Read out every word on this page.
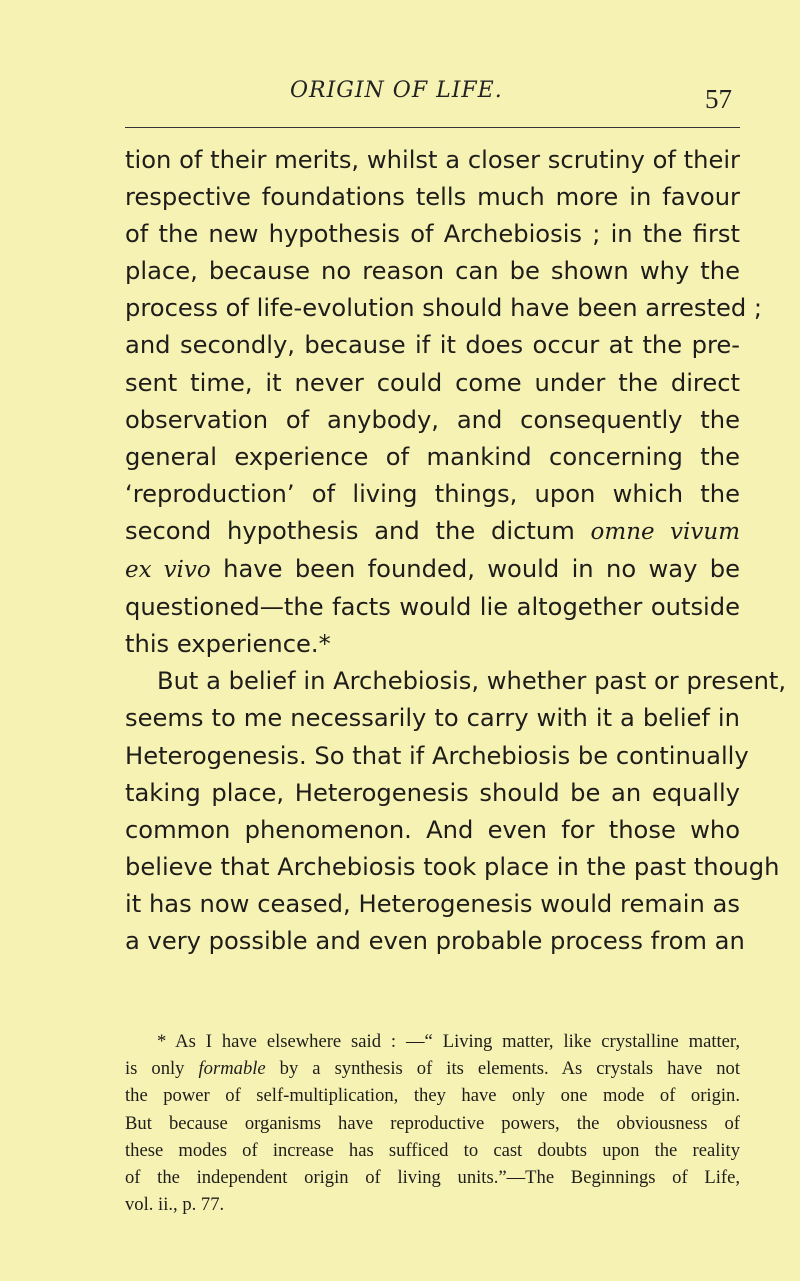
ORIGIN OF LIFE.	57
tion of their merits, whilst a closer scrutiny of their
respective foundations tells much more in favour
of the new hypothesis of Archebiosis ; in the first
place, because no reason can be shown why the
process of life-evolution should have been arrested ;
and secondly, because if it does occur at the pre-
sent time, it never could come under the direct
observation of anybody, and consequently the
general experience of mankind concerning the
‘reproduction’ of living things, upon which the
second hypothesis and the dictum omne vivum
ex vivo have been founded, would in no way be
questioned—the facts would lie altogether outside
this experience.*
But a belief in Archebiosis, whether past or present,
seems to me necessarily to carry with it a belief in
Heterogenesis. So that if Archebiosis be continually
taking place, Heterogenesis should be an equally
common phenomenon. And even for those who
believe that Archebiosis took place in the past though
it has now ceased, Heterogenesis would remain as
a very possible and even probable process from an
* As I have elsewhere said : —“ Living matter, like crystalline matter,
is only formable by a synthesis of its elements. As crystals have not
the power of self-multiplication, they have only one mode of origin.
But because organisms have reproductive powers, the obviousness of
these modes of increase has sufficed to cast doubts upon the reality
of the independent origin of living units.”—The Beginnings of Life,
vol. ii., p. 77.
